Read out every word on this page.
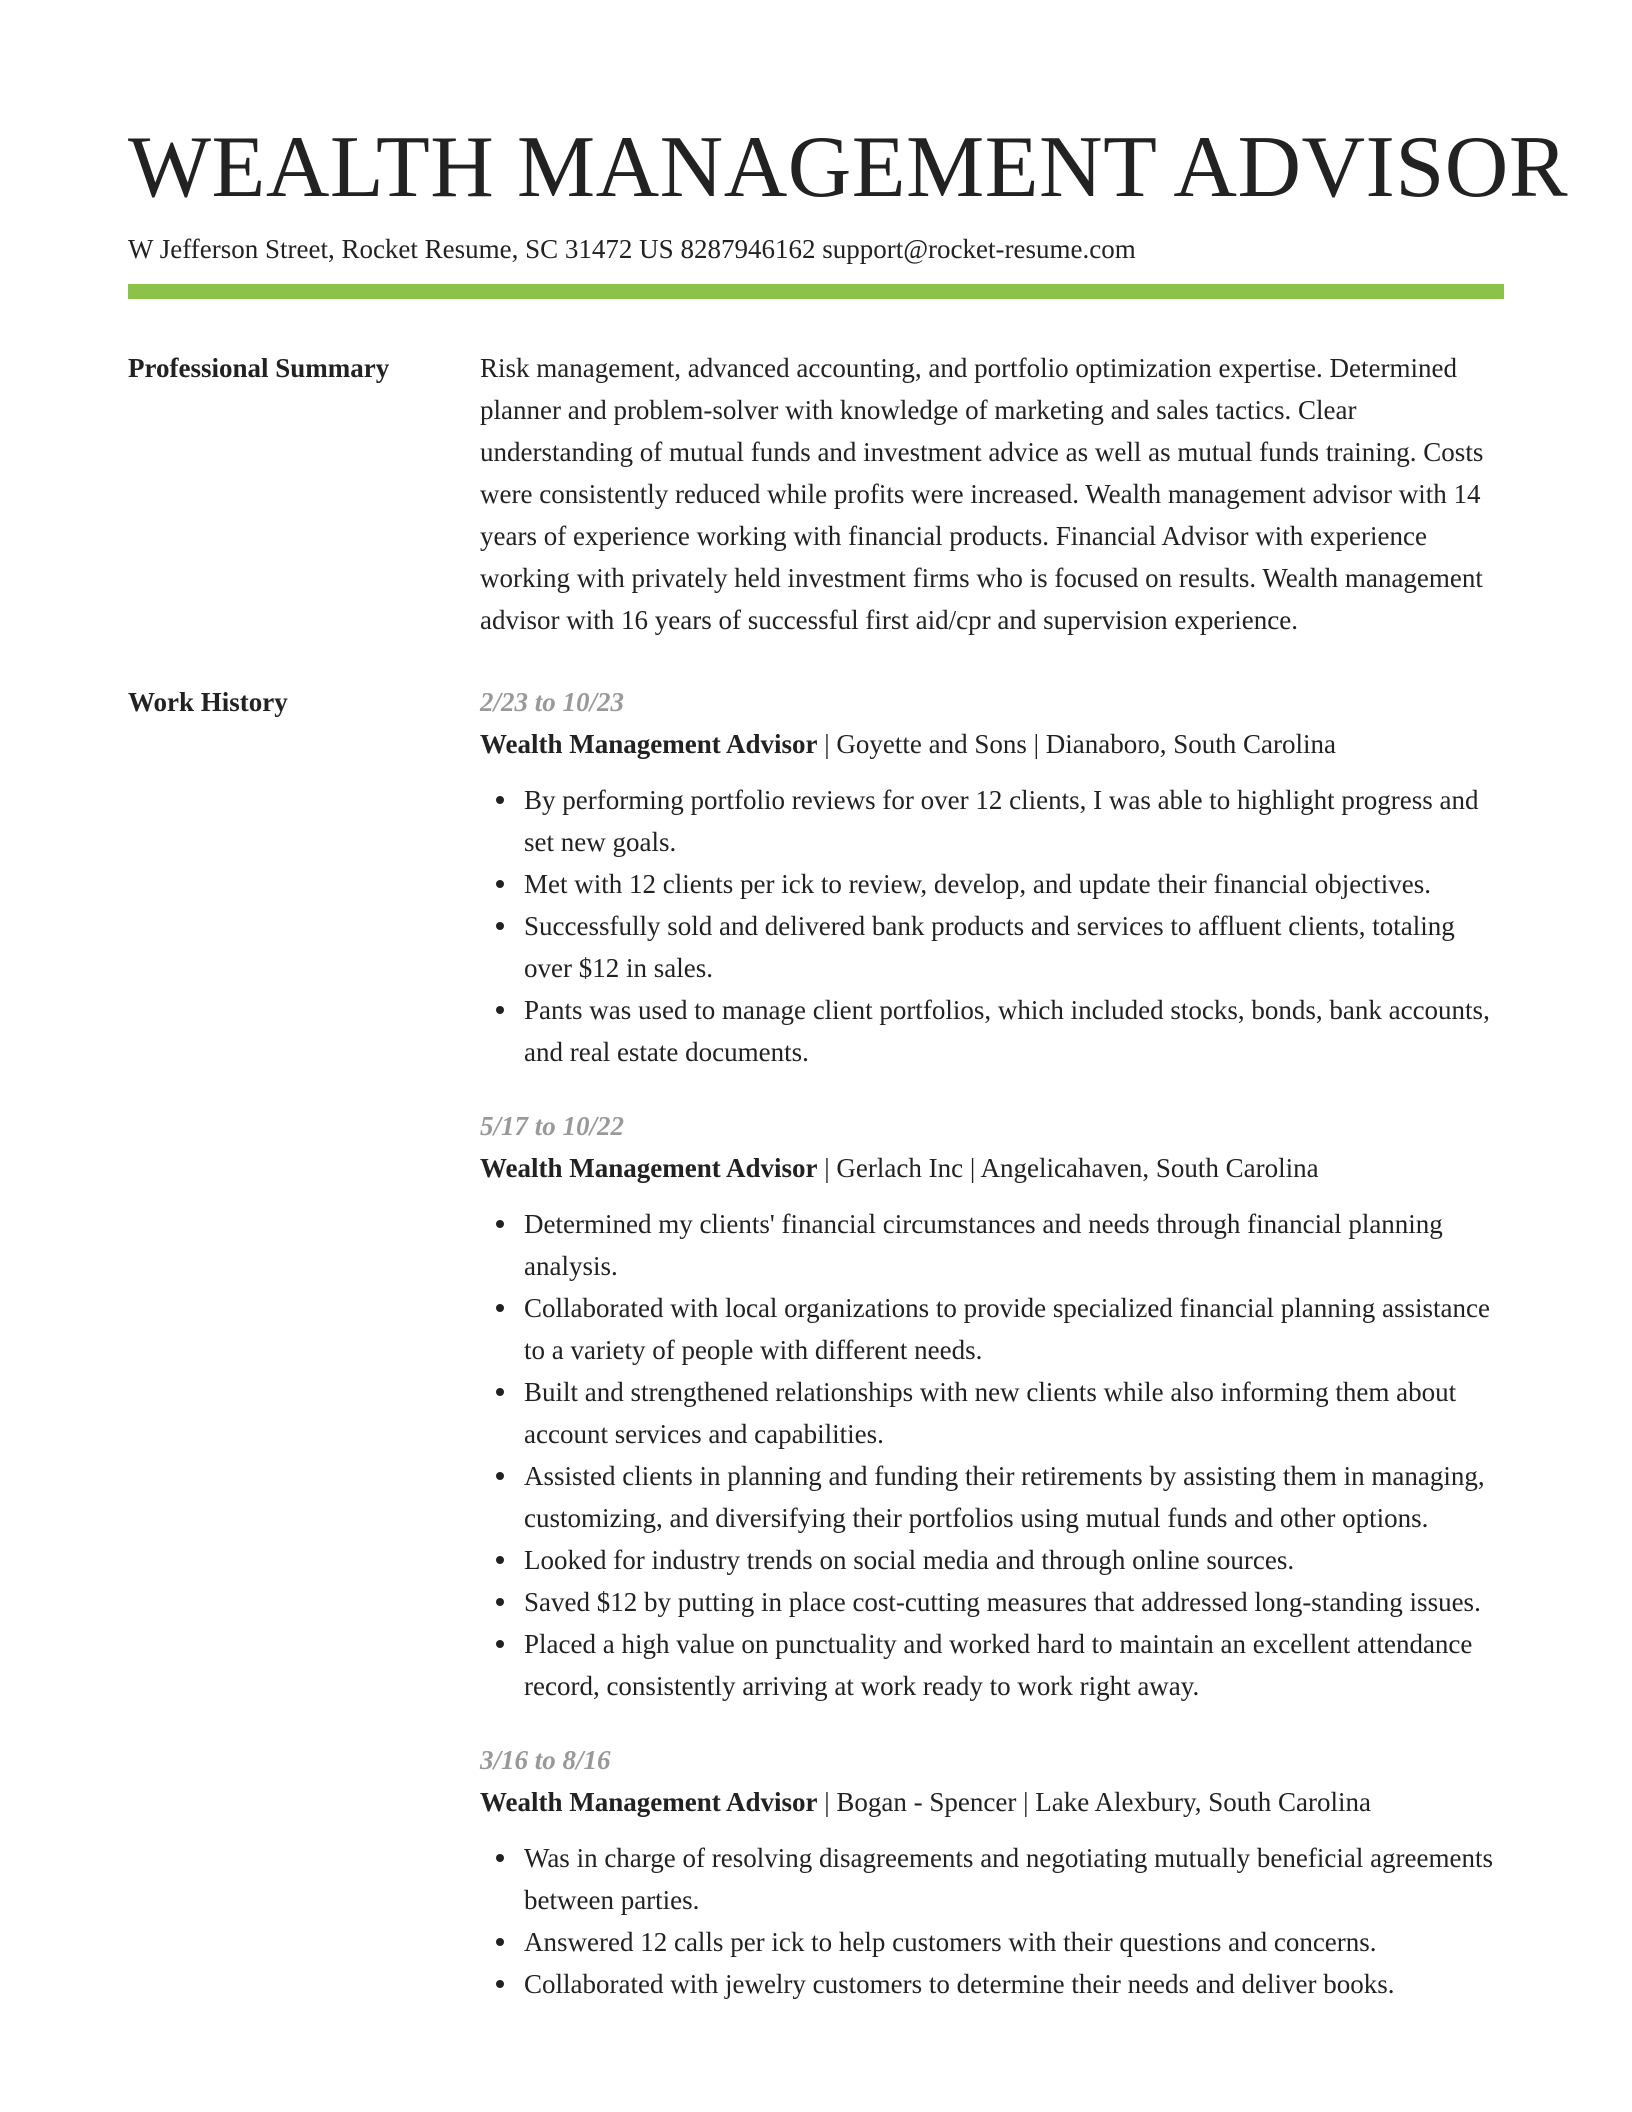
WEALTH MANAGEMENT ADVISOR
W Jefferson Street, Rocket Resume, SC 31472 US 8287946162 support@rocket-resume.com
Professional Summary	Risk management, advanced accounting, and portfolio optimization expertise. Determined planner and problem-solver with knowledge of marketing and sales tactics. Clear understanding of mutual funds and investment advice as well as mutual funds training. Costs were consistently reduced while profits were increased. Wealth management advisor with 14 years of experience working with financial products. Financial Advisor with experience working with privately held investment firms who is focused on results. Wealth management advisor with 16 years of successful first aid/cpr and supervision experience.

Work History	2/23 to 10/23
Wealth Management Advisor | Goyette and Sons | Dianaboro, South Carolina
By performing portfolio reviews for over 12 clients, I was able to highlight progress and set new goals.
Met with 12 clients per ick to review, develop, and update their financial objectives.
Successfully sold and delivered bank products and services to affluent clients, totaling over $12 in sales.
Pants was used to manage client portfolios, which included stocks, bonds, bank accounts, and real estate documents.
5/17 to 10/22
Wealth Management Advisor | Gerlach Inc | Angelicahaven, South Carolina
Determined my clients' financial circumstances and needs through financial planning analysis.
Collaborated with local organizations to provide specialized financial planning assistance to a variety of people with different needs.
Built and strengthened relationships with new clients while also informing them about account services and capabilities.
Assisted clients in planning and funding their retirements by assisting them in managing, customizing, and diversifying their portfolios using mutual funds and other options.
Looked for industry trends on social media and through online sources.
Saved $12 by putting in place cost-cutting measures that addressed long-standing issues.
Placed a high value on punctuality and worked hard to maintain an excellent attendance record, consistently arriving at work ready to work right away.
3/16 to 8/16
Wealth Management Advisor | Bogan - Spencer | Lake Alexbury, South Carolina
Was in charge of resolving disagreements and negotiating mutually beneficial agreements between parties.
Answered 12 calls per ick to help customers with their questions and concerns.
Collaborated with jewelry customers to determine their needs and deliver books.
